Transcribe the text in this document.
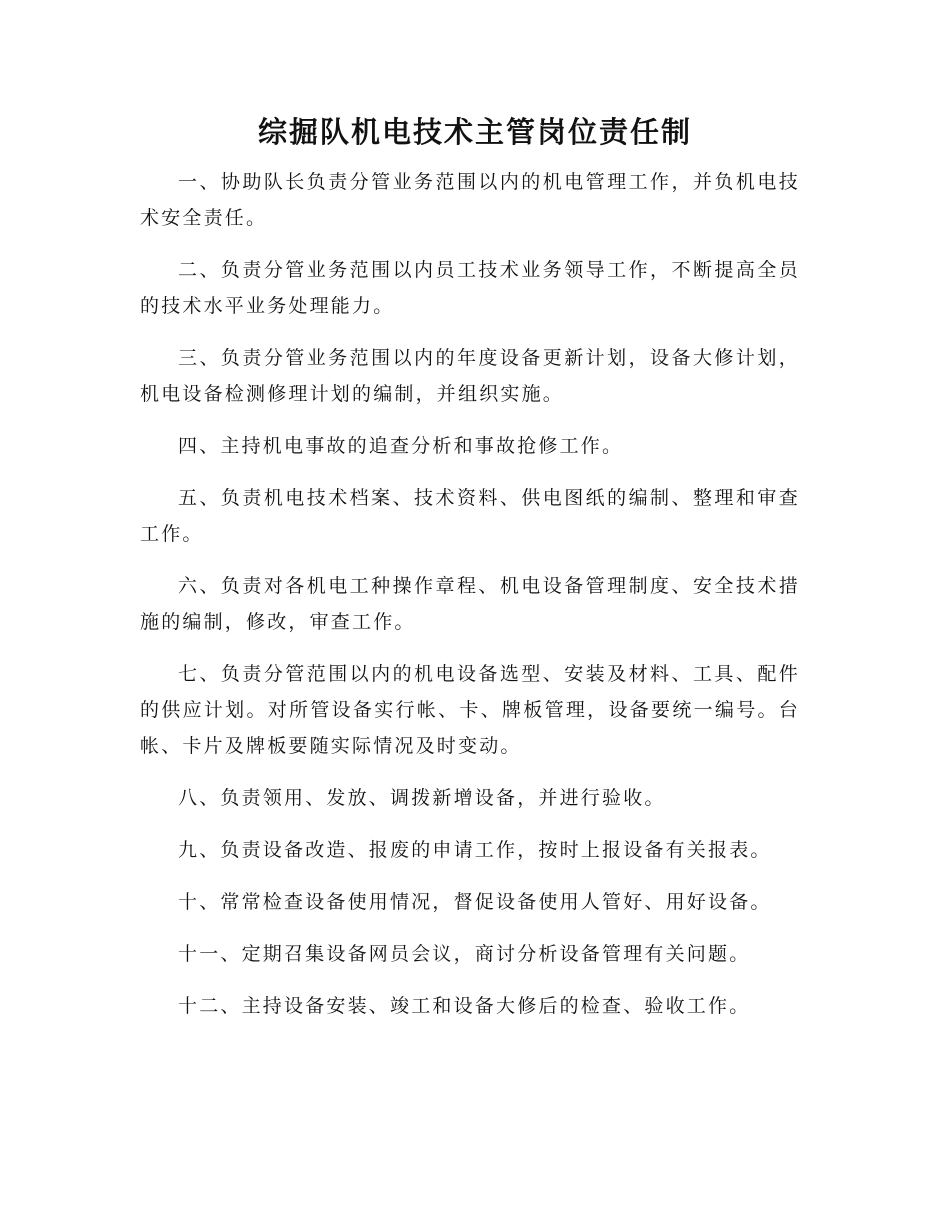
综掘队机电技术主管岗位责任制

一、协助队长负责分管业务范围以内的机电管理工作，并负机电技术安全责任。

二、负责分管业务范围以内员工技术业务领导工作，不断提高全员的技术水平业务处理能力。

三、负责分管业务范围以内的年度设备更新计划，设备大修计划，机电设备检测修理计划的编制，并组织实施。

四、主持机电事故的追查分析和事故抢修工作。

五、负责机电技术档案、技术资料、供电图纸的编制、整理和审查工作。

六、负责对各机电工种操作章程、机电设备管理制度、安全技术措施的编制，修改，审查工作。

七、负责分管范围以内的机电设备选型、安装及材料、工具、配件的供应计划。对所管设备实行帐、卡、牌板管理，设备要统一编号。台帐、卡片及牌板要随实际情况及时变动。

八、负责领用、发放、调拨新增设备，并进行验收。

九、负责设备改造、报废的申请工作，按时上报设备有关报表。

十、常常检查设备使用情况，督促设备使用人管好、用好设备。

十一、定期召集设备网员会议，商讨分析设备管理有关问题。

十二、主持设备安装、竣工和设备大修后的检查、验收工作。
